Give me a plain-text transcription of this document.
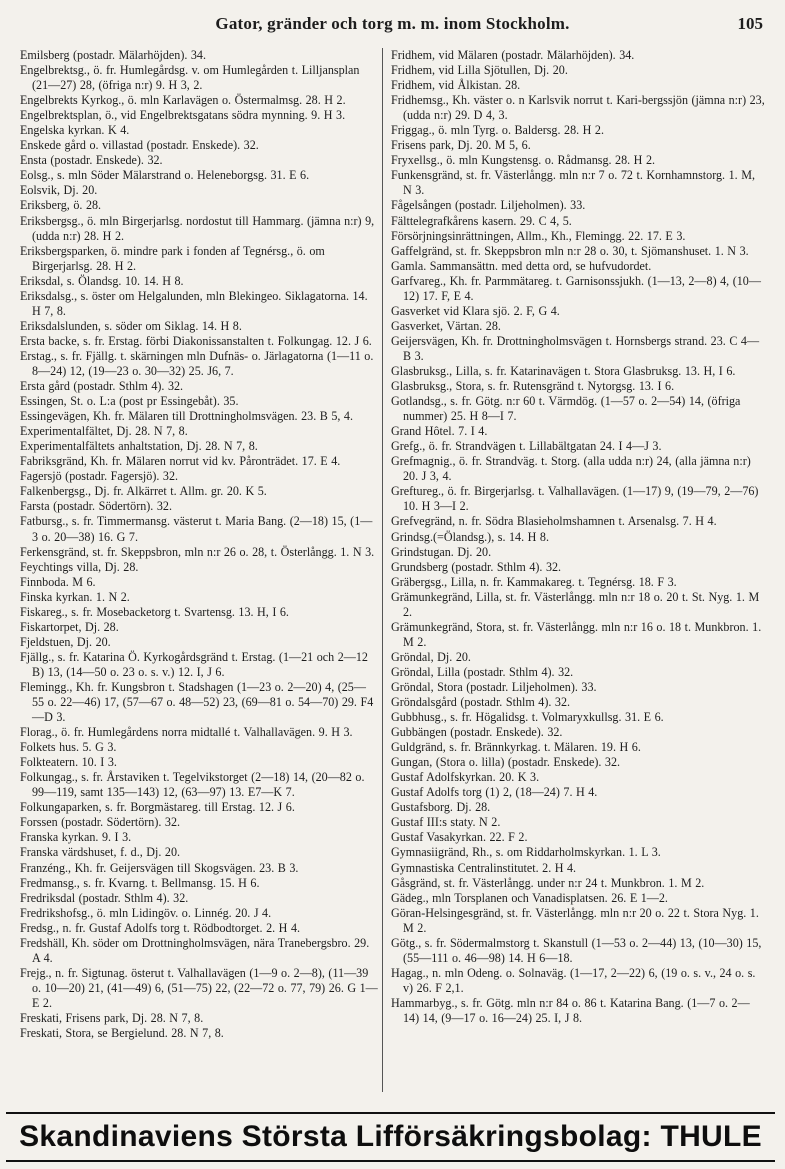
Gator, gränder och torg m. m. inom Stockholm.	105

Emilsberg (postadr. Mälarhöjden). 34.

Engelbrektsg., ö. fr. Humlegårdsg. v. om Humlegården t. Lilljansplan (21—27) 28, (öfriga n:r) 9. H 3, 2.

Engelbrekts Kyrkog., ö. mln Karlavägen o. Östermalmsg. 28. H 2.

Engelbrektsplan, ö., vid Engelbrektsgatans södra mynning. 9. H 3.

Engelska kyrkan. K 4.

Enskede gård o. villastad (postadr. Enskede). 32.

Ensta (postadr. Enskede). 32.

Eolsg., s. mln Söder Mälarstrand o. Heleneborgsg. 31. E 6.

Eolsvik, Dj. 20.

Eriksberg, ö. 28.

Eriksbergsg., ö. mln Birgerjarlsg. nordostut till Hammarg. (jämna n:r) 9, (udda n:r) 28. H 2.

Eriksbergsparken, ö. mindre park i fonden af Tegnérsg., ö. om Birgerjarlsg. 28. H 2.

Eriksdal, s. Ölandsg. 10. 14. H 8.

Eriksdalsg., s. öster om Helgalunden, mln Blekingeo. Siklagatorna. 14. H 7, 8.

Eriksdalslunden, s. söder om Siklag. 14. H 8.

Ersta backe, s. fr. Erstag. förbi Diakonissanstalten t. Folkungag. 12. J 6.

Erstag., s. fr. Fjällg. t. skärningen mln Dufnäs- o. Järlagatorna (1—11 o. 8—24) 12, (19—23 o. 30—32) 25. J6, 7.

Ersta gård (postadr. Sthlm 4). 32.

Essingen, St. o. L:a (post pr Essingebåt). 35.

Essingevägen, Kh. fr. Mälaren till Drottningholmsvägen. 23. B 5, 4.

Experimentalfältet, Dj. 28. N 7, 8.

Experimentalfältets anhaltstation, Dj. 28. N 7, 8.

Fabriksgränd, Kh. fr. Mälaren norrut vid kv. Påronträdet. 17. E 4.

Fagersjö (postadr. Fagersjö). 32.

Falkenbergsg., Dj. fr. Alkärret t. Allm. gr. 20. K 5.

Farsta (postadr. Södertörn). 32.

Fatbursg., s. fr. Timmermansg. västerut t. Maria Bang. (2—18) 15, (1—3 o. 20—38) 16. G 7.

Ferkensgränd, st. fr. Skeppsbron, mln n:r 26 o. 28, t. Österlångg. 1. N 3.

Feychtings villa, Dj. 28.

Finnboda. M 6.

Finska kyrkan. 1. N 2.

Fiskareg., s. fr. Mosebacketorg t. Svartensg. 13. H, I 6.

Fiskartorpet, Dj. 28.

Fjeldstuen, Dj. 20.

Fjällg., s. fr. Katarina Ö. Kyrkogårdsgränd t. Erstag. (1—21 och 2—12 B) 13, (14—50 o. 23 o. s. v.) 12. I, J 6.

Flemingg., Kh. fr. Kungsbron t. Stadshagen (1—23 o. 2—20) 4, (25—55 o. 22—46) 17, (57—67 o. 48—52) 23, (69—81 o. 54—70) 29. F4—D 3.

Florag., ö. fr. Humlegårdens norra midtallé t. Valhallavägen. 9. H 3.

Folkets hus. 5. G 3.

Folkteatern. 10. I 3.

Folkungag., s. fr. Årstaviken t. Tegelvikstorget (2—18) 14, (20—82 o. 99—119, samt 135—143) 12, (63—97) 13. E7—K 7.

Folkungaparken, s. fr. Borgmästareg. till Erstag. 12. J 6.

Forssen (postadr. Södertörn). 32.

Franska kyrkan. 9. I 3.

Franska värdshuset, f. d., Dj. 20.

Franzéng., Kh. fr. Geijersvägen till Skogsvägen. 23. B 3.

Fredmansg., s. fr. Kvarng. t. Bellmansg. 15. H 6.

Fredriksdal (postadr. Sthlm 4). 32.

Fredrikshofsg., ö. mln Lidingöv. o. Linnég. 20. J 4.

Fredsg., n. fr. Gustaf Adolfs torg t. Rödbodtorget. 2. H 4.

Fredshäll, Kh. söder om Drottningholmsvägen, nära Tranebergsbro. 29. A 4.

Frejg., n. fr. Sigtunag. österut t. Valhallavägen (1—9 o. 2—8), (11—39 o. 10—20) 21, (41—49) 6, (51—75) 22, (22—72 o. 77, 79) 26. G 1—E 2.

Freskati, Frisens park, Dj. 28. N 7, 8.

Freskati, Stora, se Bergielund. 28. N 7, 8.

Fridhem, vid Mälaren (postadr. Mälarhöjden). 34.

Fridhem, vid Lilla Sjötullen, Dj. 20.

Fridhem, vid Ålkistan. 28.

Fridhemsg., Kh. väster o. n Karlsvik norrut t. Kari-bergssjön (jämna n:r) 23, (udda n:r) 29. D 4, 3.

Friggag., ö. mln Tyrg. o. Baldersg. 28. H 2.

Frisens park, Dj. 20. M 5, 6.

Fryxellsg., ö. mln Kungstensg. o. Rådmansg. 28. H 2.

Funkensgränd, st. fr. Västerlångg. mln n:r 7 o. 72 t. Kornhamnstorg. 1. M, N 3.

Fågelsången (postadr. Liljeholmen). 33.

Fälttelegrafkårens kasern. 29. C 4, 5.

Försörjningsinrättningen, Allm., Kh., Flemingg. 22. 17. E 3.

Gaffelgränd, st. fr. Skeppsbron mln n:r 28 o. 30, t. Sjömanshuset. 1. N 3.

Gamla. Sammansättn. med detta ord, se hufvudordet.

Garfvareg., Kh. fr. Parmmätareg. t. Garnisonssjukh. (1—13, 2—8) 4, (10—12) 17. F, E 4.

Gasverket vid Klara sjö. 2. F, G 4.

Gasverket, Värtan. 28.

Geijersvägen, Kh. fr. Drottningholmsvägen t. Hornsbergs strand. 23. C 4—B 3.

Glasbruksg., Lilla, s. fr. Katarinavägen t. Stora Glasbruksg. 13. H, I 6.

Glasbruksg., Stora, s. fr. Rutensgränd t. Nytorgsg. 13. I 6.

Gotlandsg., s. fr. Götg. n:r 60 t. Värmdög. (1—57 o. 2—54) 14, (öfriga nummer) 25. H 8—I 7.

Grand Hôtel. 7. I 4.

Grefg., ö. fr. Strandvägen t. Lillabältgatan 24. I 4—J 3.

Grefmagnig., ö. fr. Strandväg. t. Storg. (alla udda n:r) 24, (alla jämna n:r) 20. J 3, 4.

Greftureg., ö. fr. Birgerjarlsg. t. Valhallavägen. (1—17) 9, (19—79, 2—76) 10. H 3—I 2.

Grefvegränd, n. fr. Södra Blasieholmshamnen t. Arsenalsg. 7. H 4.

Grindsg.(=Ölandsg.), s. 14. H 8.

Grindstugan. Dj. 20.

Grundsberg (postadr. Sthlm 4). 32.

Gräbergsg., Lilla, n. fr. Kammakareg. t. Tegnérsg. 18. F 3.

Grämunkegränd, Lilla, st. fr. Västerlångg. mln n:r 18 o. 20 t. St. Nyg. 1. M 2.

Grämunkegränd, Stora, st. fr. Västerlångg. mln n:r 16 o. 18 t. Munkbron. 1. M 2.

Gröndal, Dj. 20.

Gröndal, Lilla (postadr. Sthlm 4). 32.

Gröndal, Stora (postadr. Liljeholmen). 33.

Gröndalsgård (postadr. Sthlm 4). 32.

Gubbhusg., s. fr. Högalidsg. t. Volmaryxkullsg. 31. E 6.

Gubbängen (postadr. Enskede). 32.

Guldgränd, s. fr. Brännkyrkag. t. Mälaren. 19. H 6.

Gungan, (Stora o. lilla) (postadr. Enskede). 32.

Gustaf Adolfskyrkan. 20. K 3.

Gustaf Adolfs torg (1) 2, (18—24) 7. H 4.

Gustafsborg. Dj. 28.

Gustaf III:s staty. N 2.

Gustaf Vasakyrkan. 22. F 2.

Gymnasiigränd, Rh., s. om Riddarholmskyrkan. 1. L 3.

Gymnastiska Centralinstitutet. 2. H 4.

Gåsgränd, st. fr. Västerlångg. under n:r 24 t. Munkbron. 1. M 2.

Gädeg., mln Torsplanen och Vanadisplatsen. 26. E 1—2.

Göran-Helsingesgränd, st. fr. Västerlångg. mln n:r 20 o. 22 t. Stora Nyg. 1. M 2.

Götg., s. fr. Södermalmstorg t. Skanstull (1—53 o. 2—44) 13, (10—30) 15, (55—111 o. 46—98) 14. H 6—18.

Hagag., n. mln Odeng. o. Solnaväg. (1—17, 2—22) 6, (19 o. s. v., 24 o. s. v) 26. F 2,1.

Hammarbyg., s. fr. Götg. mln n:r 84 o. 86 t. Katarina Bang. (1—7 o. 2—14) 14, (9—17 o. 16—24) 25. I, J 8.

Skandinaviens Största Lifförsäkringsbolag: THULE
